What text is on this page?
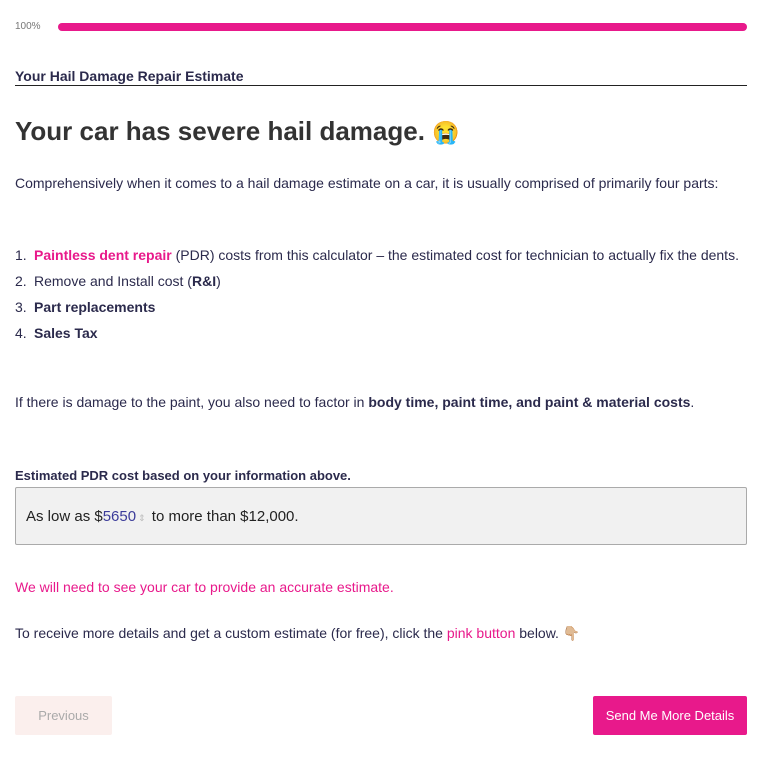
100%
Your Hail Damage Repair Estimate
Your car has severe hail damage. 😭
Comprehensively when it comes to a hail damage estimate on a car, it is usually comprised of primarily four parts:
1. Paintless dent repair (PDR) costs from this calculator – the estimated cost for technician to actually fix the dents.
2. Remove and Install cost (R&I)
3. Part replacements
4. Sales Tax
If there is damage to the paint, you also need to factor in body time, paint time, and paint & material costs.
Estimated PDR cost based on your information above.
As low as $5650 ⇕ to more than $12,000.
We will need to see your car to provide an accurate estimate.
To receive more details and get a custom estimate (for free), click the pink button below. 👇🏼
Previous	Send Me More Details
